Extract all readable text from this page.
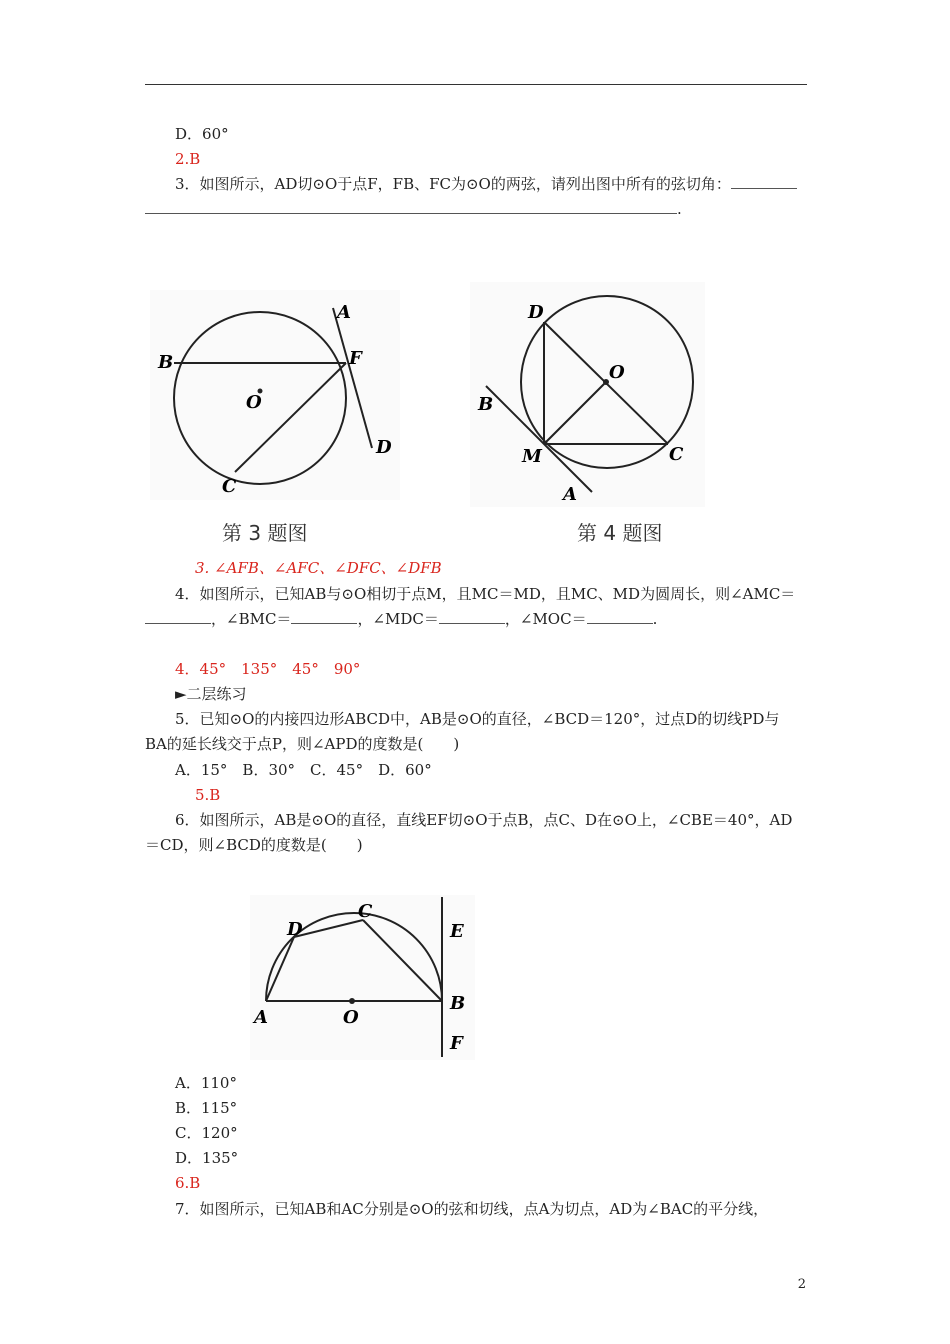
D．60°
2.B
3．如图所示，AD切⊙O于点F，FB、FC为⊙O的两弦，请列出图中所有的弦切角：
.
A
B	F
O
D
C
第 3 题图
D
O
B
M	C
A
第 4 题图
3. ∠AFB、∠AFC、∠DFC、∠DFB
4．如图所示，已知AB与⊙O相切于点M，且MC＝MD，且MC、MD为圆周长，则∠AMC＝
，∠BMC＝	，∠MDC＝	，∠MOC＝	.
4．45°　135°　45°　90°
►二层练习
5．已知⊙O的内接四边形ABCD中，AB是⊙O的直径，∠BCD＝120°，过点D的切线PD与
BA的延长线交于点P，则∠APD的度数是(　　)
A．15°　B．30°　C．45°　D．60°
5.B
6．如图所示，AB是⊙O的直径，直线EF切⊙O于点B，点C、D在⊙O上，∠CBE＝40°，AD
＝CD，则∠BCD的度数是(　　)
D
C
E
B
A	O
F
A．110°
B．115°
C．120°
D．135°
6.B
7．如图所示，已知AB和AC分别是⊙O的弦和切线，点A为切点，AD为∠BAC的平分线，
2
